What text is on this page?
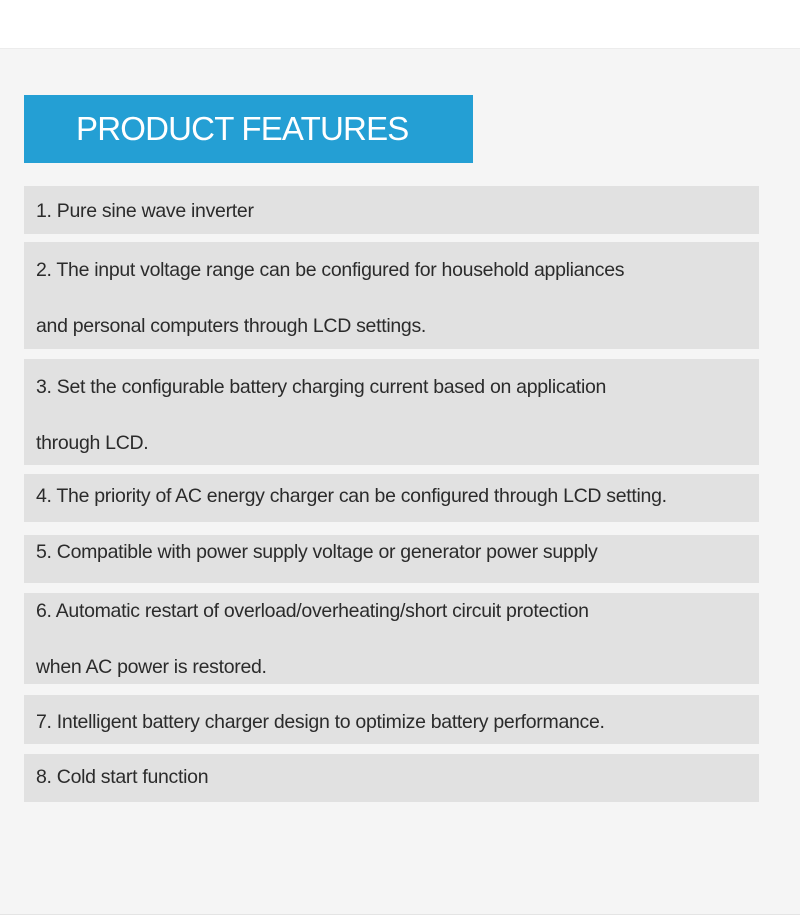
PRODUCT FEATURES
1. Pure sine wave inverter
2. The input voltage range can be configured for household appliances
and personal computers through LCD settings.
3. Set the configurable battery charging current based on application
through LCD.
4. The priority of AC energy charger can be configured through LCD setting.
5. Compatible with power supply voltage or generator power supply
6. Automatic restart of overload/overheating/short circuit protection
when AC power is restored.
7. Intelligent battery charger design to optimize battery performance.
8. Cold start function
